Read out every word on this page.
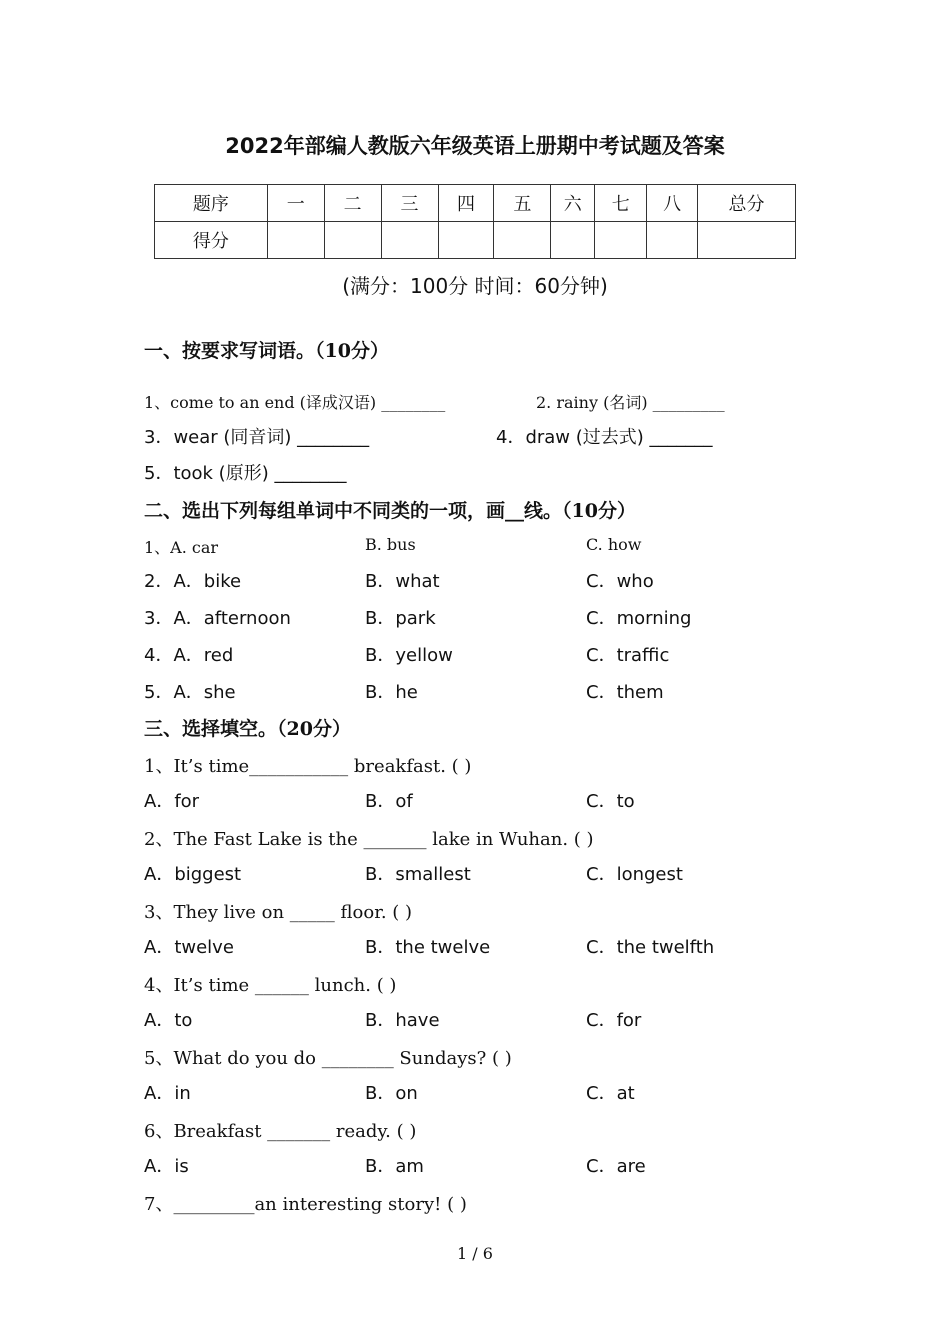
2022年部编人教版六年级英语上册期中考试题及答案
题序	一	二	三	四	五	六	七	八	总分
得分									
(满分：100分 时间：60分钟)
一、按要求写词语。（10分）
1、come to an end (译成汉语) ________	2. rainy (名词) _________
3．wear (同音词) ________	4．draw (过去式) _______
5．took (原形) ________
二、选出下列每组单词中不同类的一项，画__线。（10分）
1、A. car	B. bus	C. how
2．A．bike	B．what	C．who
3．A．afternoon	B．park	C．morning
4．A．red	B．yellow	C．traffic
5．A．she	B．he	C．them
三、选择填空。（20分）
1、It’s time___________ breakfast. ( )
A．for	B．of	C．to
2、The Fast Lake is the _______ lake in Wuhan. ( )
A．biggest	B．smallest	C．longest
3、They live on _____ floor. ( )
A．twelve	B．the twelve	C．the twelfth
4、It’s time ______ lunch. ( )
A．to	B．have	C．for
5、What do you do ________ Sundays? ( )
A．in	B．on	C．at
6、Breakfast _______ ready. ( )
A．is	B．am	C．are
7、_________an interesting story! ( )
1 / 6
